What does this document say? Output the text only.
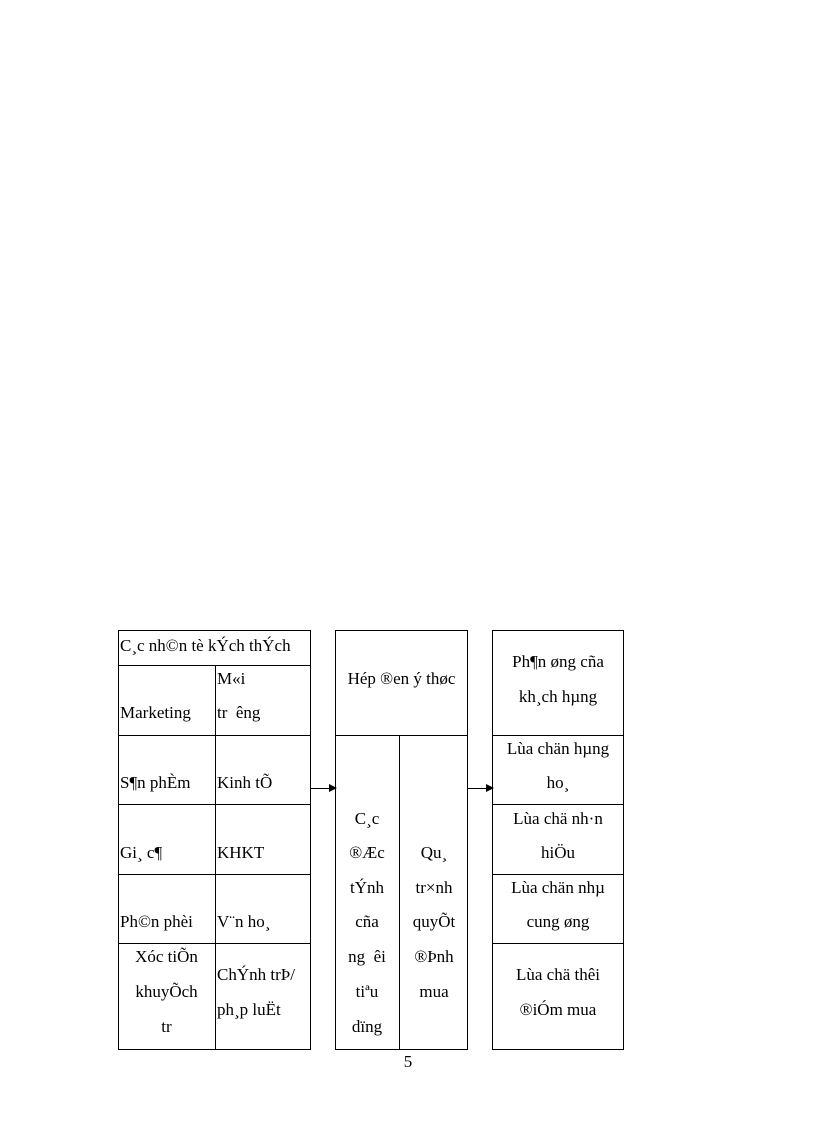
C¸c nh©n tè kÝch thÝch
Marketing
M«i
tr  êng
S¶n phÈm
Gi¸ c¶
Ph©n phèi
Xóc tiÕn
khuyÕch
tr
Kinh tÕ
KHKT
V¨n ho¸
ChÝnh trÞ/
ph¸p luËt
Hép ®en ý thøc
C¸c
®Æc
tÝnh
cña
ng  êi
tiªu
dïng
Qu¸
tr×nh
quyÕt
®Þnh
mua
Ph¶n øng cña
kh¸ch hµng
Lùa chän hµng
ho¸
Lùa chä nh·n
hiÖu
Lùa chän nhµ
cung øng
Lùa chä thêi
®iÓm mua
5
